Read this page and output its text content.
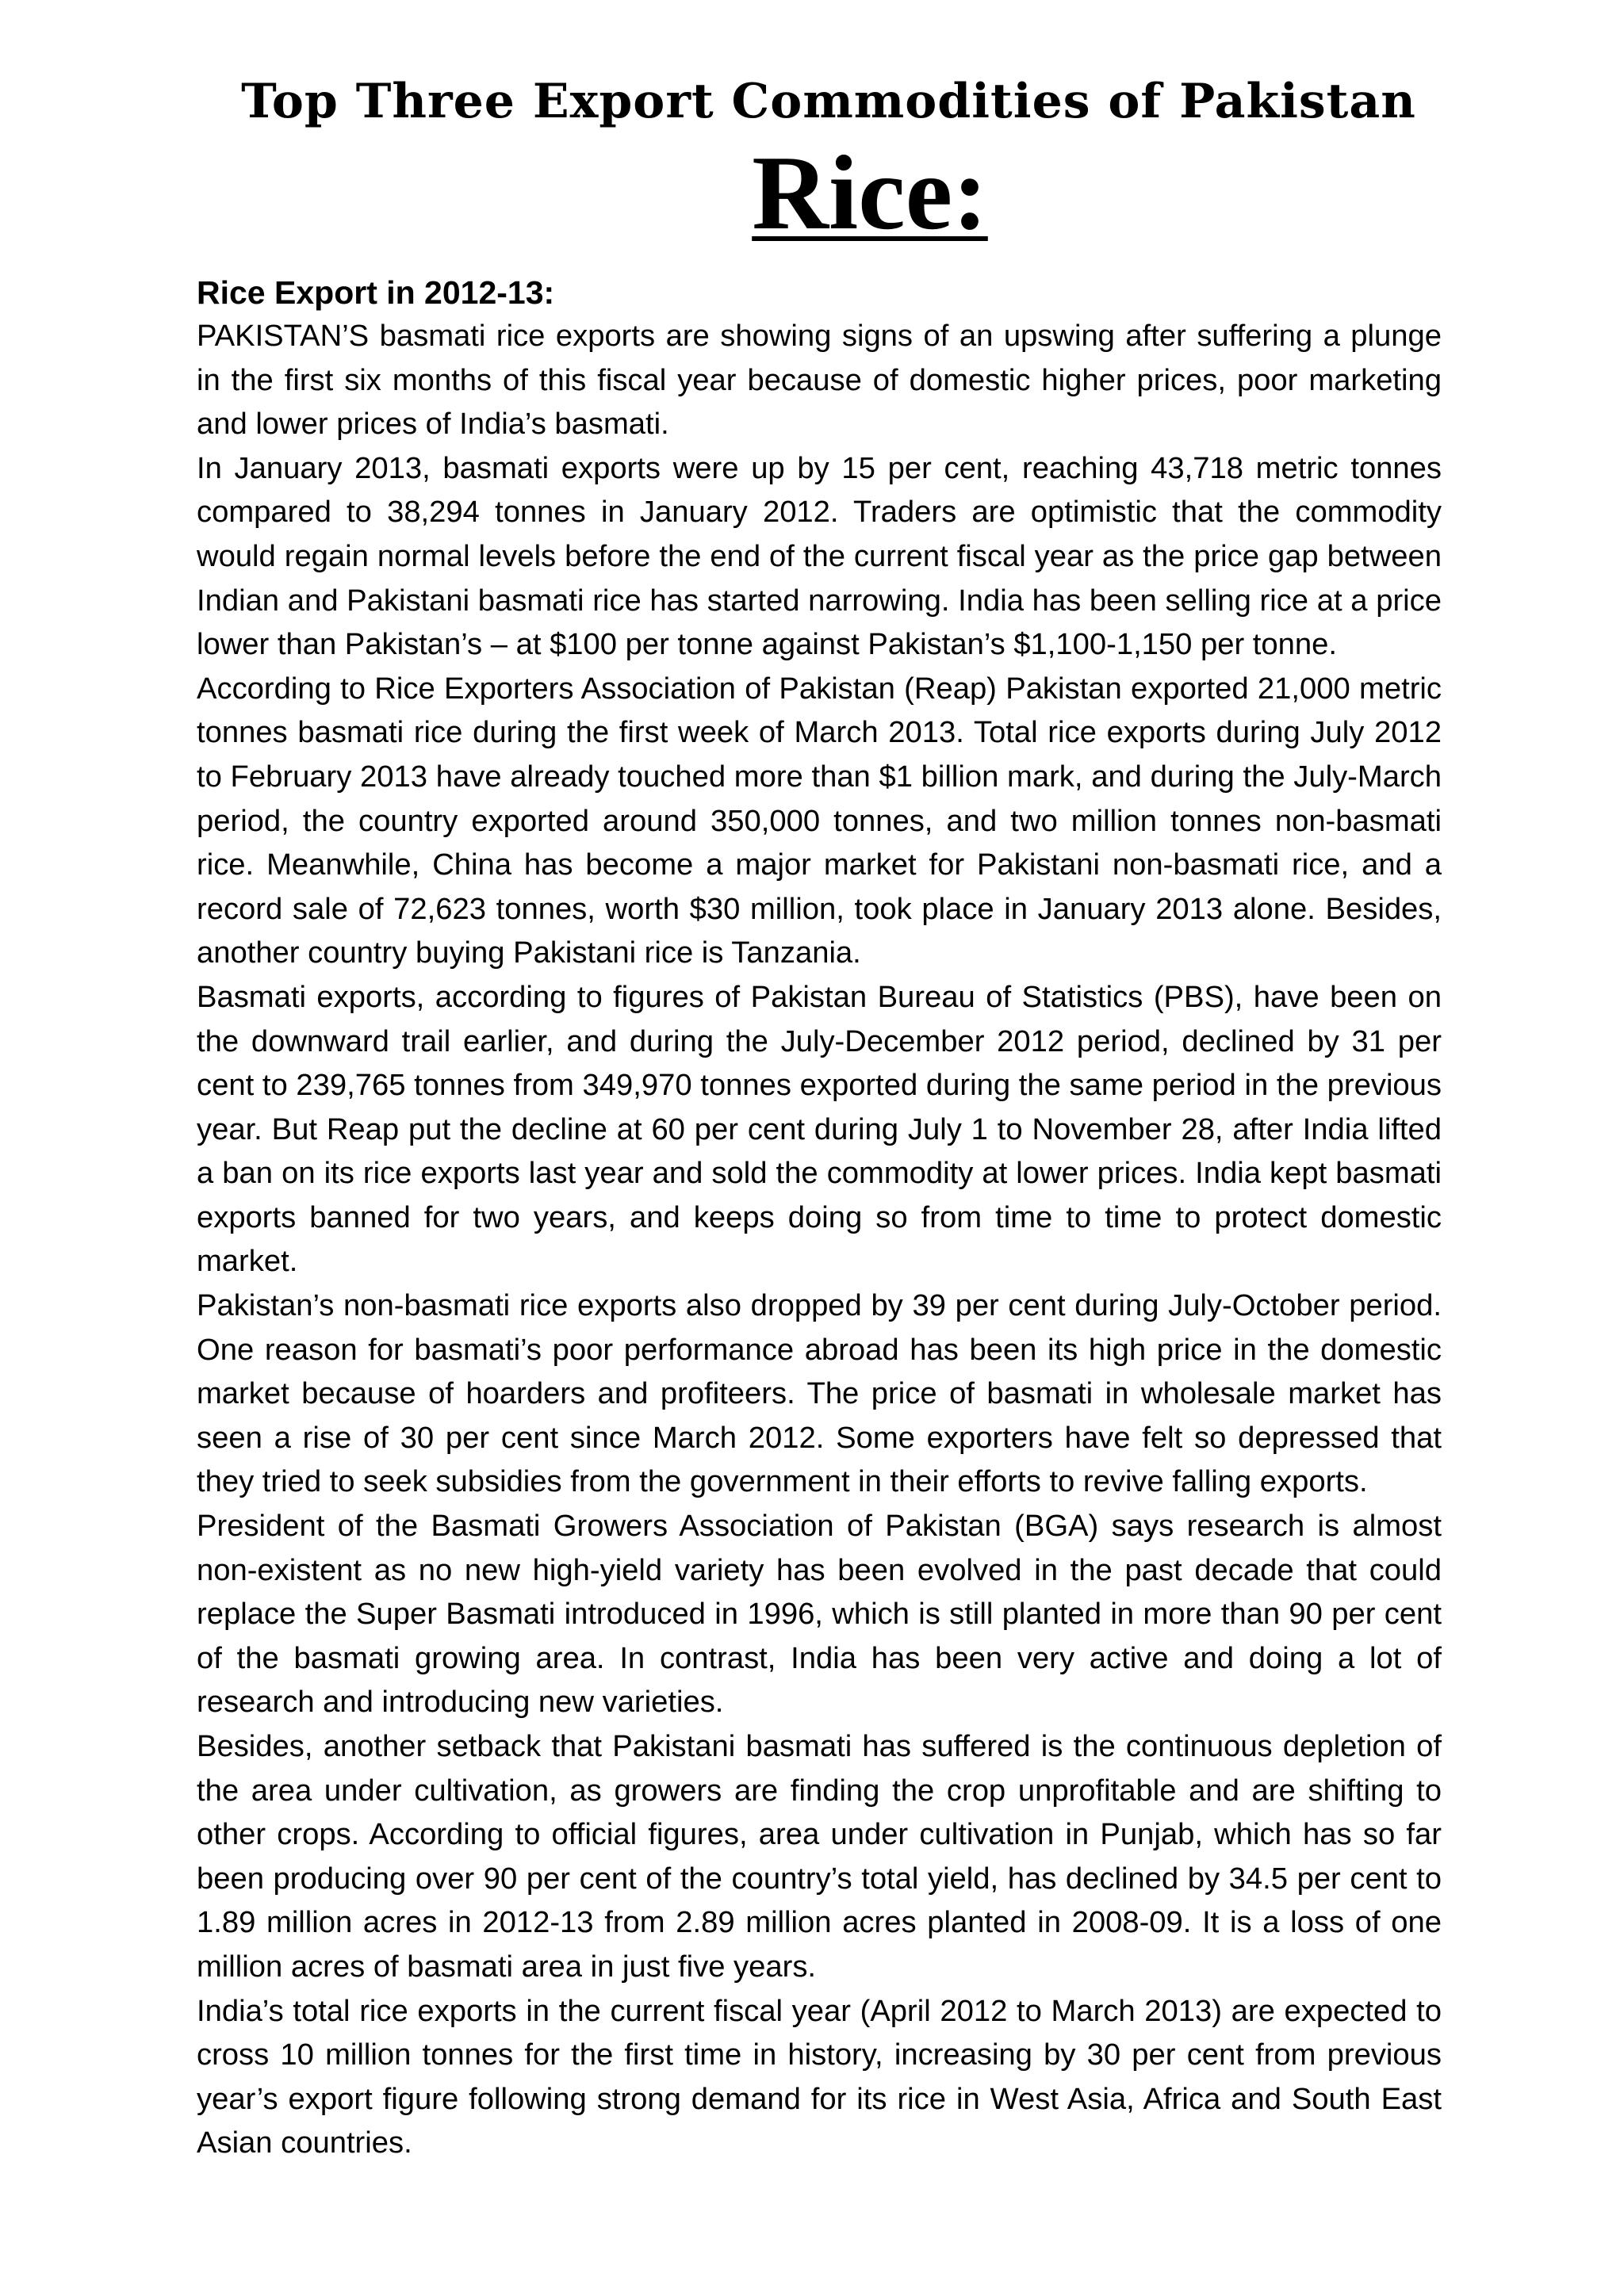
Top Three Export Commodities of Pakistan
Rice:
Rice Export in 2012-13:

PAKISTAN’S basmati rice exports are showing signs of an upswing after suffering a plunge in the first six months of this fiscal year because of domestic higher prices, poor marketing and lower prices of India’s basmati.

In January 2013, basmati exports were up by 15 per cent, reaching 43,718 metric tonnes compared to 38,294 tonnes in January 2012. Traders are optimistic that the commodity would regain normal levels before the end of the current fiscal year as the price gap between Indian and Pakistani basmati rice has started narrowing. India has been selling rice at a price lower than Pakistan’s – at $100 per tonne against Pakistan’s $1,100-1,150 per tonne.

According to Rice Exporters Association of Pakistan (Reap) Pakistan exported 21,000 metric tonnes basmati rice during the first week of March 2013. Total rice exports during July 2012 to February 2013 have already touched more than $1 billion mark, and during the July-March period, the country exported around 350,000 tonnes, and two million tonnes non-basmati rice. Meanwhile, China has become a major market for Pakistani non-basmati rice, and a record sale of 72,623 tonnes, worth $30 million, took place in January 2013 alone. Besides, another country buying Pakistani rice is Tanzania.

Basmati exports, according to figures of Pakistan Bureau of Statistics (PBS), have been on the downward trail earlier, and during the July-December 2012 period, declined by 31 per cent to 239,765 tonnes from 349,970 tonnes exported during the same period in the previous year. But Reap put the decline at 60 per cent during July 1 to November 28, after India lifted a ban on its rice exports last year and sold the commodity at lower prices. India kept basmati exports banned for two years, and keeps doing so from time to time to protect domestic market.

Pakistan’s non-basmati rice exports also dropped by 39 per cent during July-October period. One reason for basmati’s poor performance abroad has been its high price in the domestic market because of hoarders and profiteers. The price of basmati in wholesale market has seen a rise of 30 per cent since March 2012. Some exporters have felt so depressed that they tried to seek subsidies from the government in their efforts to revive falling exports.

President of the Basmati Growers Association of Pakistan (BGA) says research is almost non-existent as no new high-yield variety has been evolved in the past decade that could replace the Super Basmati introduced in 1996, which is still planted in more than 90 per cent of the basmati growing area. In contrast, India has been very active and doing a lot of research and introducing new varieties.

Besides, another setback that Pakistani basmati has suffered is the continuous depletion of the area under cultivation, as growers are finding the crop unprofitable and are shifting to other crops. According to official figures, area under cultivation in Punjab, which has so far been producing over 90 per cent of the country’s total yield, has declined by 34.5 per cent to 1.89 million acres in 2012-13 from 2.89 million acres planted in 2008-09. It is a loss of one million acres of basmati area in just five years.

India’s total rice exports in the current fiscal year (April 2012 to March 2013) are expected to cross 10 million tonnes for the first time in history, increasing by 30 per cent from previous year’s export figure following strong demand for its rice in West Asia, Africa and South East Asian countries.
